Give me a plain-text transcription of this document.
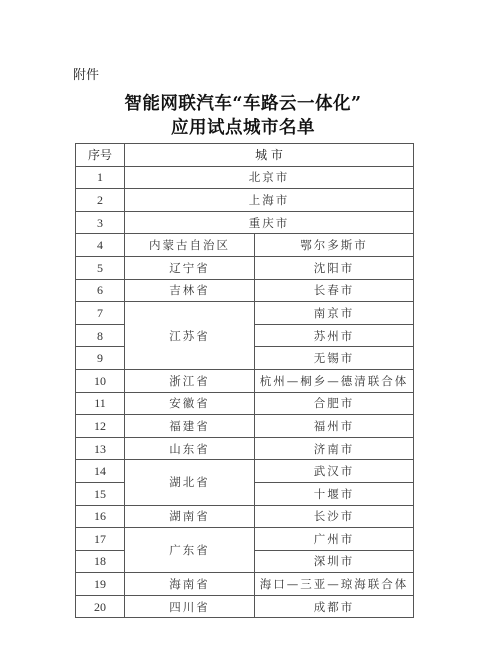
附件
智能网联汽车“车路云一体化”
应用试点城市名单
序号	城 市	
1	北京市	
2	上海市	
3	重庆市	
4	内蒙古自治区	鄂尔多斯市
5	辽宁省	沈阳市
6	吉林省	长春市
7	江苏省	南京市
8		苏州市
9		无锡市
10	浙江省	杭州—桐乡—德清联合体
11	安徽省	合肥市
12	福建省	福州市
13	山东省	济南市
14	湖北省	武汉市
15		十堰市
16	湖南省	长沙市
17	广东省	广州市
18		深圳市
19	海南省	海口—三亚—琼海联合体
20	四川省	成都市
